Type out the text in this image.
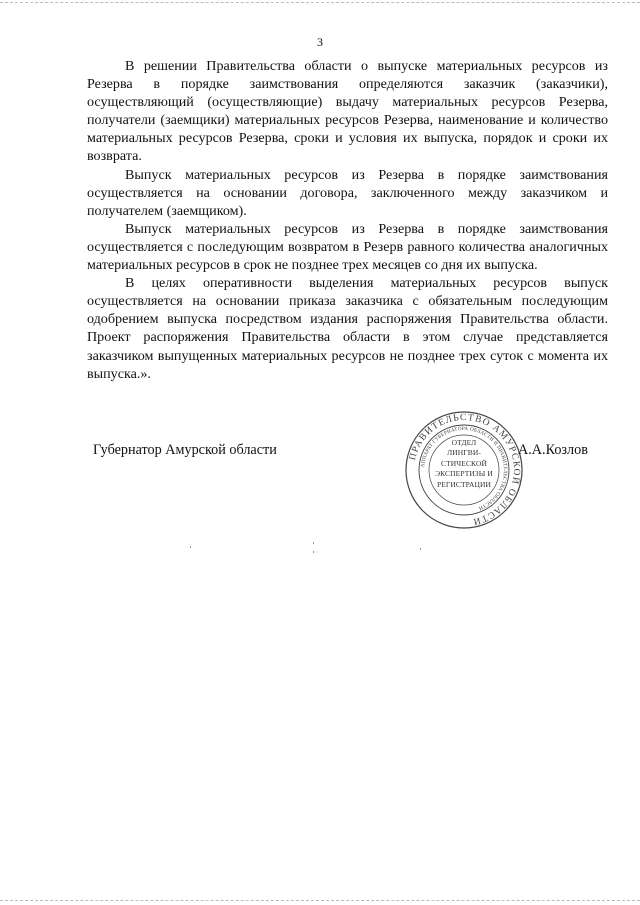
3

В решении Правительства области о выпуске материальных ресурсов из Резерва в порядке заимствования определяются заказчик (заказчики), осуществляющий (осуществляющие) выдачу материальных ресурсов Резерва, получатели (заемщики) материальных ресурсов Резерва, наименование и количество материальных ресурсов Резерва, сроки и условия их выпуска, порядок и сроки их возврата.

Выпуск материальных ресурсов из Резерва в порядке заимствования осуществляется на основании договора, заключенного между заказчиком и получателем (заемщиком).

Выпуск материальных ресурсов из Резерва в порядке заимствования осуществляется с последующим возвратом в Резерв равного количества аналогичных материальных ресурсов в срок не позднее трех месяцев со дня их выпуска.

В целях оперативности выделения материальных ресурсов выпуск осуществляется на основании приказа заказчика с обязательным последующим одобрением выпуска посредством издания распоряжения Правительства области. Проект распоряжения Правительства области в этом случае представляется заказчиком выпущенных материальных ресурсов не позднее трех суток с момента их выпуска.».

Губернатор Амурской области	ПРАВИТЕЛЬСТВО АМУРСКОЙ ОБЛАСТИ
АППАРАТ ГУБЕРНАТОРА ОБЛАСТИ И ПРАВИТЕЛЬСТВА ОБЛАСТИ
ОТДЕЛ
ЛИНГВИ-
СТИЧЕСКОЙ
ЭКСПЕРТИЗЫ И
РЕГИСТРАЦИИ
А.А.Козлов
